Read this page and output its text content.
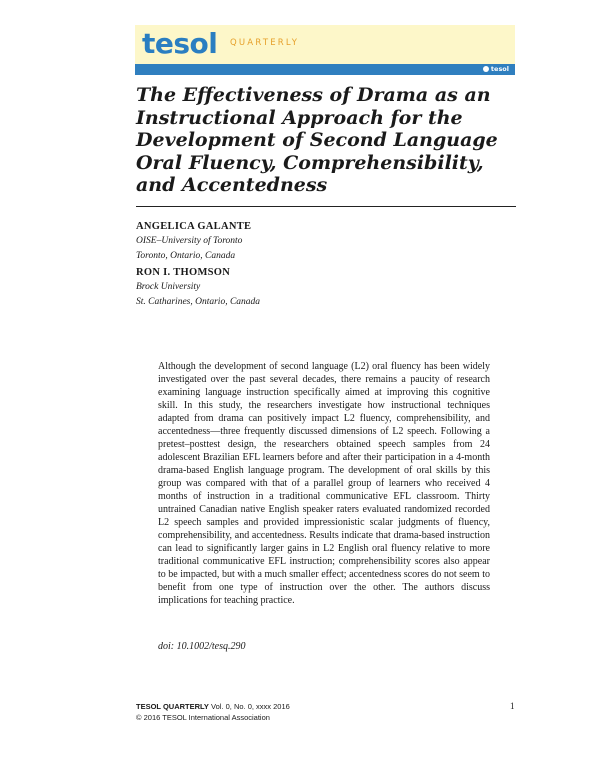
tesol QUARTERLY
tesol
The Effectiveness of Drama as an Instructional Approach for the Development of Second Language Oral Fluency, Comprehensibility, and Accentedness
ANGELICA GALANTE
OISE–University of Toronto
Toronto, Ontario, Canada
RON I. THOMSON
Brock University
St. Catharines, Ontario, Canada

Although the development of second language (L2) oral fluency has been widely investigated over the past several decades, there remains a paucity of research examining language instruction specifically aimed at improving this cognitive skill. In this study, the researchers investigate how instructional techniques adapted from drama can positively impact L2 fluency, comprehensibility, and accentedness—three frequently discussed dimensions of L2 speech. Following a pretest–posttest design, the researchers obtained speech samples from 24 adolescent Brazilian EFL learners before and after their participation in a 4-month drama-based English language program. The development of oral skills by this group was compared with that of a parallel group of learners who received 4 months of instruction in a traditional communicative EFL classroom. Thirty untrained Canadian native English speaker raters evaluated randomized recorded L2 speech samples and provided impressionistic scalar judgments of fluency, comprehensibility, and accentedness. Results indicate that drama-based instruction can lead to significantly larger gains in L2 English oral fluency relative to more traditional communicative EFL instruction; comprehensibility scores also appear to be impacted, but with a much smaller effect; accentedness scores do not seem to benefit from one type of instruction over the other. The authors discuss implications for teaching practice.

doi: 10.1002/tesq.290
TESOL QUARTERLY Vol. 0, No. 0, xxxx 2016
© 2016 TESOL International Association
1
